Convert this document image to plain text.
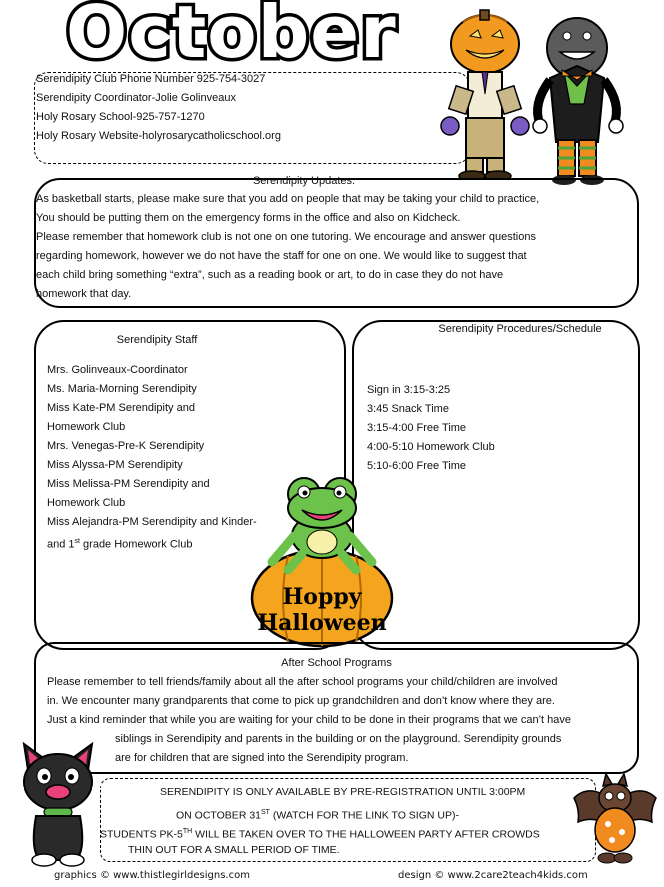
October
Serendipity Club Phone Number 925-754-3027
Serendipity Coordinator-Jolie Golinveaux
Holy Rosary School-925-757-1270
Holy Rosary Website-holyrosarycatholicschool.org
Serendipity Updates:
As basketball starts, please make sure that you add on people that may be taking your child to practice,
You should be putting them on the emergency forms in the office and also on Kidcheck.
Please remember that homework club is not one on one tutoring. We encourage and answer questions
regarding homework, however we do not have the staff for one on one. We would like to suggest that
each child bring something “extra”, such as a reading book or art, to do in case they do not have
homework that day.
Serendipity Staff
Mrs. Golinveaux-Coordinator
Ms. Maria-Morning Serendipity
Miss Kate-PM Serendipity and
Homework Club
Mrs. Venegas-Pre-K Serendipity
Miss Alyssa-PM Serendipity
Miss Melissa-PM Serendipity and
Homework Club
Miss Alejandra-PM Serendipity and Kinder-
and 1st grade Homework Club
Serendipity Procedures/Schedule
Sign in 3:15-3:25
3:45 Snack Time
3:15-4:00 Free Time
4:00-5:10 Homework Club
5:10-6:00 Free Time
Hoppy
Halloween
After School Programs
Please remember to tell friends/family about all the after school programs your child/children are involved
in. We encounter many grandparents that come to pick up grandchildren and don’t know where they are.
Just a kind reminder that while you are waiting for your child to be done in their programs that we can’t have
siblings in Serendipity and parents in the building or on the playground. Serendipity grounds
are for children that are signed into the Serendipity program.
SERENDIPITY IS ONLY AVAILABLE BY PRE-REGISTRATION UNTIL 3:00PM
ON OCTOBER 31ST (WATCH FOR THE LINK TO SIGN UP)-
STUDENTS PK-5TH WILL BE TAKEN OVER TO THE HALLOWEEN PARTY AFTER CROWDS
THIN OUT FOR A SMALL PERIOD OF TIME.
graphics © www.thistlegirldesigns.com	design © www.2care2teach4kids.com
